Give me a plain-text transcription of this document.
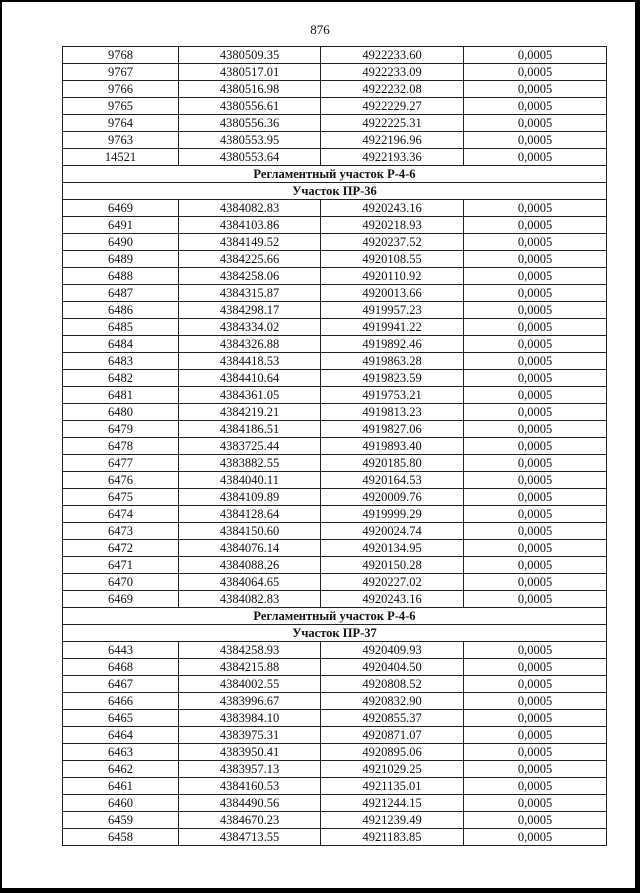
876
9768	4380509.35	4922233.60	0,0005
9767	4380517.01	4922233.09	0,0005
9766	4380516.98	4922232.08	0,0005
9765	4380556.61	4922229.27	0,0005
9764	4380556.36	4922225.31	0,0005
9763	4380553.95	4922196.96	0,0005
14521	4380553.64	4922193.36	0,0005
Регламентный участок Р-4-6			
Участок ПР-36			
6469	4384082.83	4920243.16	0,0005
6491	4384103.86	4920218.93	0,0005
6490	4384149.52	4920237.52	0,0005
6489	4384225.66	4920108.55	0,0005
6488	4384258.06	4920110.92	0,0005
6487	4384315.87	4920013.66	0,0005
6486	4384298.17	4919957.23	0,0005
6485	4384334.02	4919941.22	0,0005
6484	4384326.88	4919892.46	0,0005
6483	4384418.53	4919863.28	0,0005
6482	4384410.64	4919823.59	0,0005
6481	4384361.05	4919753.21	0,0005
6480	4384219.21	4919813.23	0,0005
6479	4384186.51	4919827.06	0,0005
6478	4383725.44	4919893.40	0,0005
6477	4383882.55	4920185.80	0,0005
6476	4384040.11	4920164.53	0,0005
6475	4384109.89	4920009.76	0,0005
6474	4384128.64	4919999.29	0,0005
6473	4384150.60	4920024.74	0,0005
6472	4384076.14	4920134.95	0,0005
6471	4384088.26	4920150.28	0,0005
6470	4384064.65	4920227.02	0,0005
6469	4384082.83	4920243.16	0,0005
Регламентный участок Р-4-6			
Участок ПР-37			
6443	4384258.93	4920409.93	0,0005
6468	4384215.88	4920404.50	0,0005
6467	4384002.55	4920808.52	0,0005
6466	4383996.67	4920832.90	0,0005
6465	4383984.10	4920855.37	0,0005
6464	4383975.31	4920871.07	0,0005
6463	4383950.41	4920895.06	0,0005
6462	4383957.13	4921029.25	0,0005
6461	4384160.53	4921135.01	0,0005
6460	4384490.56	4921244.15	0,0005
6459	4384670.23	4921239.49	0,0005
6458	4384713.55	4921183.85	0,0005
